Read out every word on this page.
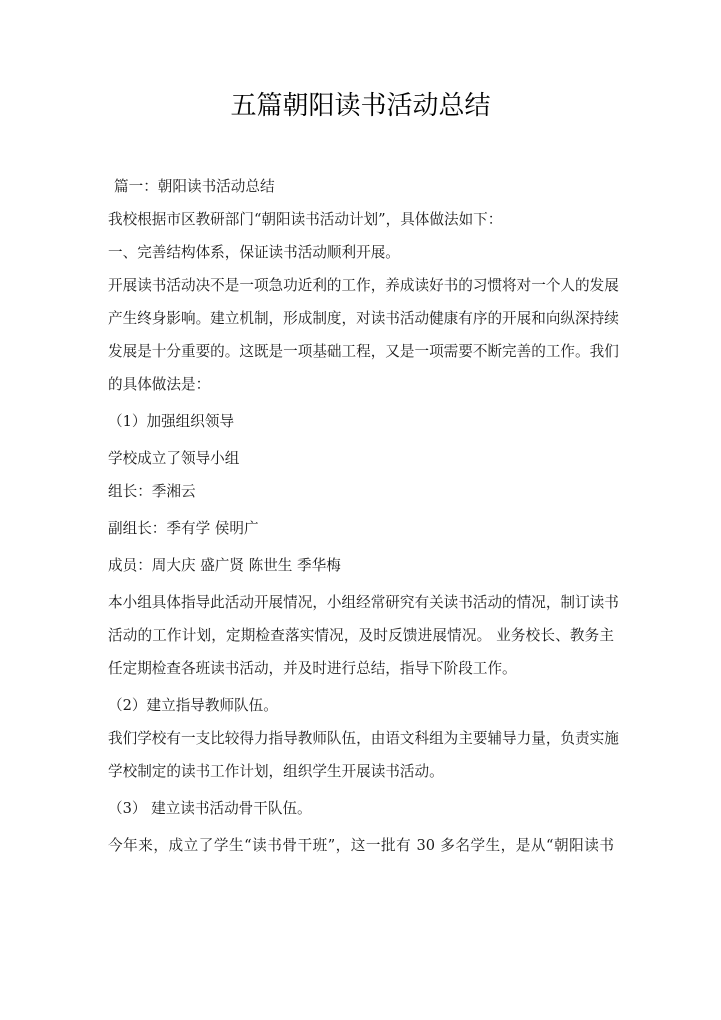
五篇朝阳读书活动总结
篇一：朝阳读书活动总结
我校根据市区教研部门“朝阳读书活动计划”，具体做法如下：
一、完善结构体系，保证读书活动顺利开展。
开展读书活动决不是一项急功近利的工作，养成读好书的习惯将对一个人的发展
产生终身影响。建立机制，形成制度，对读书活动健康有序的开展和向纵深持续
发展是十分重要的。这既是一项基础工程，又是一项需要不断完善的工作。我们
的具体做法是：
（1）加强组织领导
学校成立了领导小组
组长：季湘云
副组长：季有学 侯明广
成员：周大庆 盛广贤 陈世生 季华梅
本小组具体指导此活动开展情况，小组经常研究有关读书活动的情况，制订读书
活动的工作计划，定期检查落实情况，及时反馈进展情况。 业务校长、教务主
任定期检查各班读书活动，并及时进行总结，指导下阶段工作。
（2）建立指导教师队伍。
我们学校有一支比较得力指导教师队伍，由语文科组为主要辅导力量，负责实施
学校制定的读书工作计划，组织学生开展读书活动。
（3） 建立读书活动骨干队伍。
今年来，成立了学生“读书骨干班”，这一批有 30 多名学生，是从“朝阳读书
